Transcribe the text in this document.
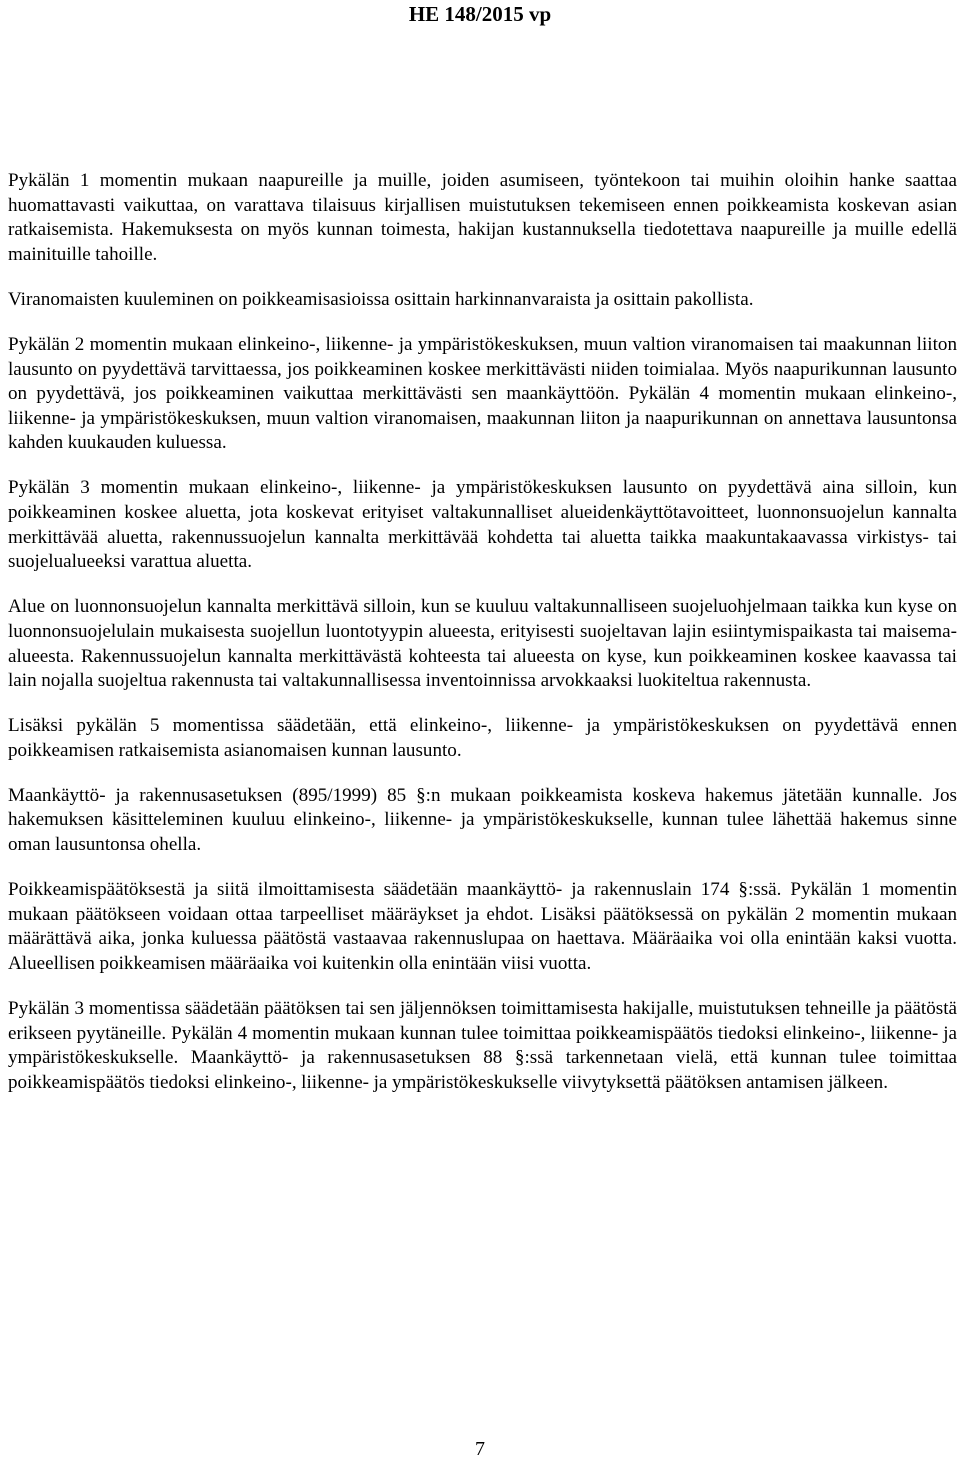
HE 148/2015 vp

Pykälän 1 momentin mukaan naapureille ja muille, joiden asumiseen, työntekoon tai muihin oloihin hanke saattaa huomattavasti vaikuttaa, on varattava tilaisuus kirjallisen muistutuksen tekemiseen ennen poikkeamista koskevan asian ratkaisemista. Hakemuksesta on myös kunnan toimesta, hakijan kustannuksella tiedotettava naapureille ja muille edellä mainituille tahoille.

Viranomaisten kuuleminen on poikkeamisasioissa osittain harkinnanvaraista ja osittain pakollista.

Pykälän 2 momentin mukaan elinkeino-, liikenne- ja ympäristökeskuksen, muun valtion viranomaisen tai maakunnan liiton lausunto on pyydettävä tarvittaessa, jos poikkeaminen koskee merkittävästi niiden toimialaa. Myös naapurikunnan lausunto on pyydettävä, jos poikkeaminen vaikuttaa merkittävästi sen maankäyttöön. Pykälän 4 momentin mukaan elinkeino-, liikenne- ja ympäristökeskuksen, muun valtion viranomaisen, maakunnan liiton ja naapurikunnan on annettava lausuntonsa kahden kuukauden kuluessa.

Pykälän 3 momentin mukaan elinkeino-, liikenne- ja ympäristökeskuksen lausunto on pyydettävä aina silloin, kun poikkeaminen koskee aluetta, jota koskevat erityiset valtakunnalliset alueidenkäyttötavoitteet, luonnonsuojelun kannalta merkittävää aluetta, rakennussuojelun kannalta merkittävää kohdetta tai aluetta taikka maakuntakaavassa virkistys- tai suojelualueeksi varattua aluetta.

Alue on luonnonsuojelun kannalta merkittävä silloin, kun se kuuluu valtakunnalliseen suojeluohjelmaan taikka kun kyse on luonnonsuojelulain mukaisesta suojellun luontotyypin alueesta, erityisesti suojeltavan lajin esiintymispaikasta tai maisema-alueesta. Rakennussuojelun kannalta merkittävästä kohteesta tai alueesta on kyse, kun poikkeaminen koskee kaavassa tai lain nojalla suojeltua rakennusta tai valtakunnallisessa inventoinnissa arvokkaaksi luokiteltua rakennusta.

Lisäksi pykälän 5 momentissa säädetään, että elinkeino-, liikenne- ja ympäristökeskuksen on pyydettävä ennen poikkeamisen ratkaisemista asianomaisen kunnan lausunto.

Maankäyttö- ja rakennusasetuksen (895/1999) 85 §:n mukaan poikkeamista koskeva hakemus jätetään kunnalle. Jos hakemuksen käsitteleminen kuuluu elinkeino-, liikenne- ja ympäristökeskukselle, kunnan tulee lähettää hakemus sinne oman lausuntonsa ohella.

Poikkeamispäätöksestä ja siitä ilmoittamisesta säädetään maankäyttö- ja rakennuslain 174 §:ssä. Pykälän 1 momentin mukaan päätökseen voidaan ottaa tarpeelliset määräykset ja ehdot. Lisäksi päätöksessä on pykälän 2 momentin mukaan määrättävä aika, jonka kuluessa päätöstä vastaavaa rakennuslupaa on haettava. Määräaika voi olla enintään kaksi vuotta. Alueellisen poikkeamisen määräaika voi kuitenkin olla enintään viisi vuotta.

Pykälän 3 momentissa säädetään päätöksen tai sen jäljennöksen toimittamisesta hakijalle, muistutuksen tehneille ja päätöstä erikseen pyytäneille. Pykälän 4 momentin mukaan kunnan tulee toimittaa poikkeamispäätös tiedoksi elinkeino-, liikenne- ja ympäristökeskukselle. Maankäyttö- ja rakennusasetuksen 88 §:ssä tarkennetaan vielä, että kunnan tulee toimittaa poikkeamispäätös tiedoksi elinkeino-, liikenne- ja ympäristökeskukselle viivytyksettä päätöksen antamisen jälkeen.

7
